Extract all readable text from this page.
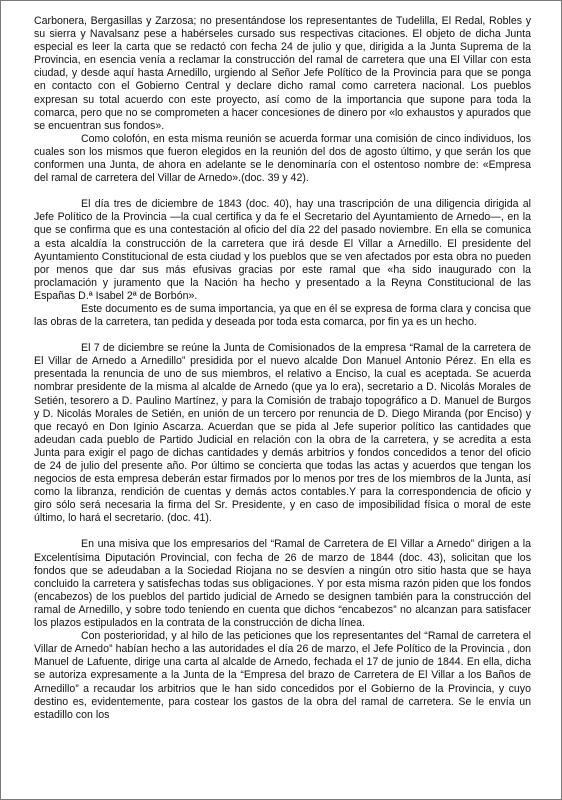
Carbonera, Bergasillas y Zarzosa; no presentándose los representantes de Tudelilla, El Redal, Robles y su sierra y Navalsanz pese a habérseles cursado sus respectivas citaciones. El objeto de dicha Junta especial es leer la carta que se redactó con fecha 24 de julio y que, dirigida a la Junta Suprema de la Provincia, en esencia venía a reclamar la construcción del ramal de carretera que una El Villar con esta ciudad, y desde aquí hasta Arnedillo, urgiendo al Señor Jefe Político de la Provincia para que se ponga en contacto con el Gobierno Central y declare dicho ramal como carretera nacional. Los pueblos expresan su total acuerdo con este proyecto, así como de la importancia que supone para toda la comarca, pero que no se comprometen a hacer concesiones de dinero por «lo exhaustos y apurados que se encuentran sus fondos».

Como colofón, en esta misma reunión se acuerda formar una comisión de cinco individuos, los cuales son los mismos que fueron elegidos en la reunión del dos de agosto último, y que serán los que conformen una Junta, de ahora en adelante se le denominaría con el ostentoso nombre de: «Empresa del ramal de carretera del Villar de Arnedo».(doc. 39 y 42).

El día tres de diciembre de 1843 (doc. 40), hay una trascripción de una diligencia dirigida al Jefe Político de la Provincia —la cual certifica y da fe el Secretario del Ayuntamiento de Arnedo—, en la que se confirma que es una contestación al oficio del día 22 del pasado noviembre. En ella se comunica a esta alcaldía la construcción de la carretera que irá desde El Villar a Arnedillo. El presidente del Ayuntamiento Constitucional de esta ciudad y los pueblos que se ven afectados por esta obra no pueden por menos que dar sus más efusivas gracias por este ramal que «ha sido inaugurado con la proclamación y juramento que la Nación ha hecho y presentado a la Reyna Constitucional de las Españas D.ª Isabel 2ª de Borbón».

Este documento es de suma importancia, ya que en él se expresa de forma clara y concisa que las obras de la carretera, tan pedida y deseada por toda esta comarca, por fin ya es un hecho.

El 7 de diciembre se reúne la Junta de Comisionados de la empresa “Ramal de la carretera de El Villar de Arnedo a Arnedillo” presidida por el nuevo alcalde Don Manuel Antonio Pérez. En ella es presentada la renuncia de uno de sus miembros, el relativo a Enciso, la cual es aceptada. Se acuerda nombrar presidente de la misma al alcalde de Arnedo (que ya lo era), secretario a D. Nicolás Morales de Setién, tesorero a D. Paulino Martínez, y para la Comisión de trabajo topográfico a D. Manuel de Burgos y D. Nicolás Morales de Setién, en unión de un tercero por renuncia de D. Diego Miranda (por Enciso) y que recayó en Don Iginio Ascarza. Acuerdan que se pida al Jefe superior político las cantidades que adeudan cada pueblo de Partido Judicial en relación con la obra de la carretera, y se acredita a esta Junta para exigir el pago de dichas cantidades y demás arbitrios y fondos concedidos a tenor del oficio de 24 de julio del presente año. Por último se concierta que todas las actas y acuerdos que tengan los negocios de esta empresa deberán estar firmados por lo menos por tres de los miembros de la Junta, así como la libranza, rendición de cuentas y demás actos contables.Y para la correspondencia de oficio y giro sólo será necesaria la firma del Sr. Presidente, y en caso de imposibilidad física o moral de este último, lo hará el secretario. (doc. 41).

En una misiva que los empresarios del “Ramal de Carretera de El Villar a Arnedo” dirigen a la Excelentísima Diputación Provincial, con fecha de 26 de marzo de 1844 (doc. 43), solicitan que los fondos que se adeudaban a la Sociedad Riojana no se desvíen a ningún otro sitio hasta que se haya concluido la carretera y satisfechas todas sus obligaciones. Y por esta misma razón piden que los fondos (encabezos) de los pueblos del partido judicial de Arnedo se designen también para la construcción del ramal de Arnedillo, y sobre todo teniendo en cuenta que dichos “encabezos” no alcanzan para satisfacer los plazos estipulados en la contrata de la construcción de dicha línea.

Con posterioridad, y al hilo de las peticiones que los representantes del “Ramal de carretera el Villar de Arnedo” habían hecho a las autoridades el día 26 de marzo, el Jefe Político de la Provincia , don Manuel de Lafuente, dirige una carta al alcalde de Arnedo, fechada el 17 de junio de 1844. En ella, dicha se autoriza expresamente a la Junta de la “Empresa del brazo de Carretera de El Villar a los Baños de Arnedillo” a recaudar los arbitrios que le han sido concedidos por el Gobierno de la Provincia, y cuyo destino es, evidentemente, para costear los gastos de la obra del ramal de carretera. Se le envía un estadillo con los
